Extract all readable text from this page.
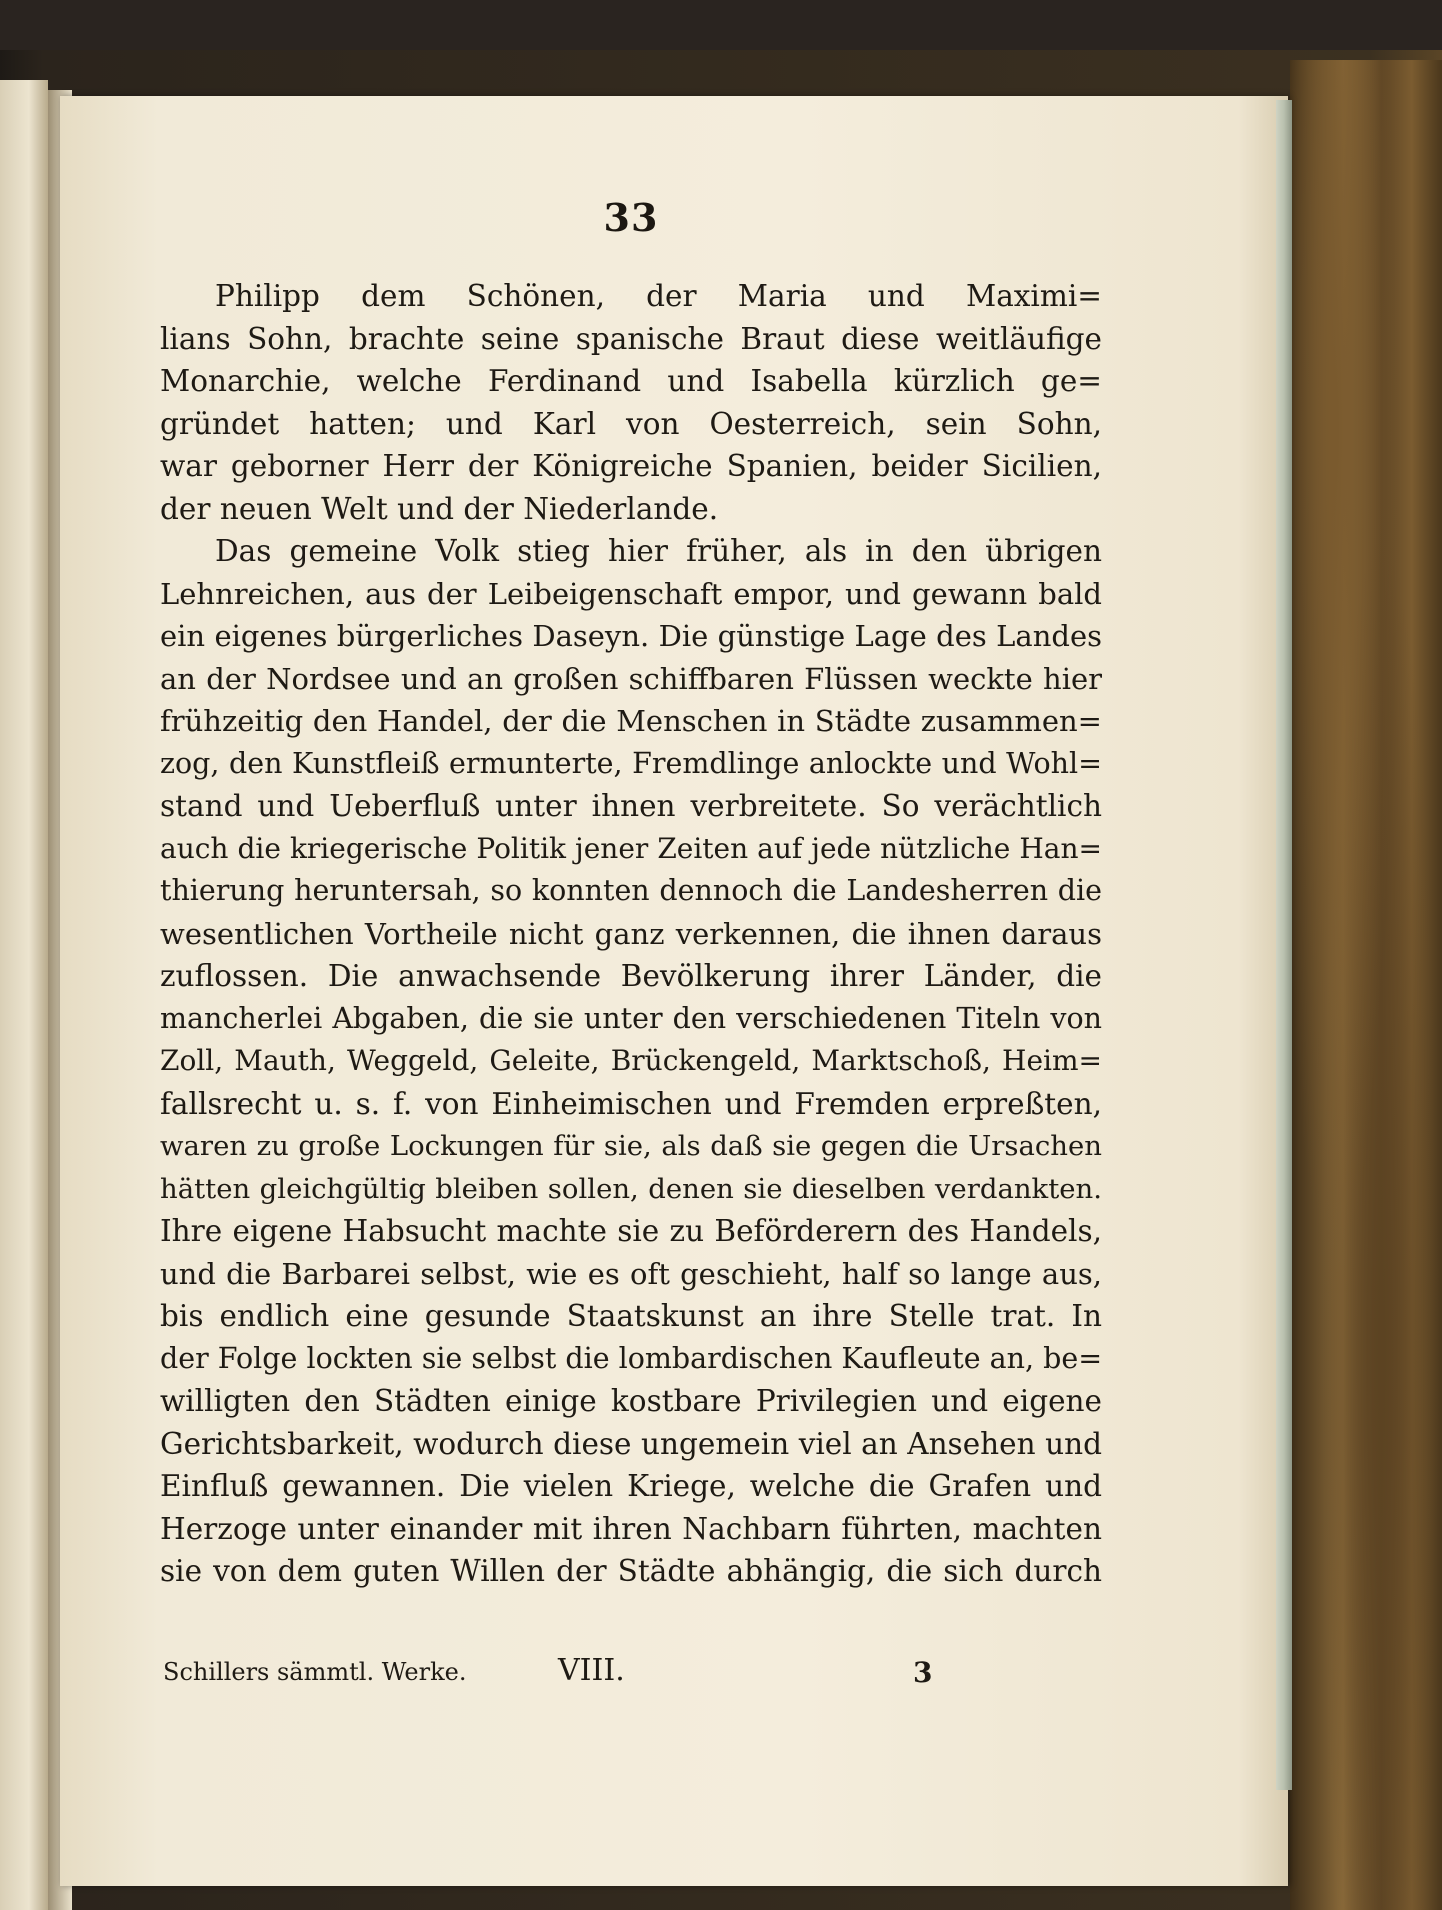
33
Philipp dem Schönen, der Maria und Maximi=
lians Sohn, brachte seine spanische Braut diese weitläufige
Monarchie, welche Ferdinand und Isabella kürzlich ge=
gründet hatten; und Karl von Oesterreich, sein Sohn,
war geborner Herr der Königreiche Spanien, beider Sicilien,
der neuen Welt und der Niederlande.
Das gemeine Volk stieg hier früher, als in den übrigen
Lehnreichen, aus der Leibeigenschaft empor, und gewann bald
ein eigenes bürgerliches Daseyn. Die günstige Lage des Landes
an der Nordsee und an großen schiffbaren Flüssen weckte hier
frühzeitig den Handel, der die Menschen in Städte zusammen=
zog, den Kunstfleiß ermunterte, Fremdlinge anlockte und Wohl=
stand und Ueberfluß unter ihnen verbreitete. So verächtlich
auch die kriegerische Politik jener Zeiten auf jede nützliche Han=
thierung heruntersah, so konnten dennoch die Landesherren die
wesentlichen Vortheile nicht ganz verkennen, die ihnen daraus
zuflossen. Die anwachsende Bevölkerung ihrer Länder, die
mancherlei Abgaben, die sie unter den verschiedenen Titeln von
Zoll, Mauth, Weggeld, Geleite, Brückengeld, Marktschoß, Heim=
fallsrecht u. s. f. von Einheimischen und Fremden erpreßten,
waren zu große Lockungen für sie, als daß sie gegen die Ursachen
hätten gleichgültig bleiben sollen, denen sie dieselben verdankten.
Ihre eigene Habsucht machte sie zu Beförderern des Handels,
und die Barbarei selbst, wie es oft geschieht, half so lange aus,
bis endlich eine gesunde Staatskunst an ihre Stelle trat. In
der Folge lockten sie selbst die lombardischen Kaufleute an, be=
willigten den Städten einige kostbare Privilegien und eigene
Gerichtsbarkeit, wodurch diese ungemein viel an Ansehen und
Einfluß gewannen. Die vielen Kriege, welche die Grafen und
Herzoge unter einander mit ihren Nachbarn führten, machten
sie von dem guten Willen der Städte abhängig, die sich durch
Schillers sämmtl. Werke.	VIII.	3
